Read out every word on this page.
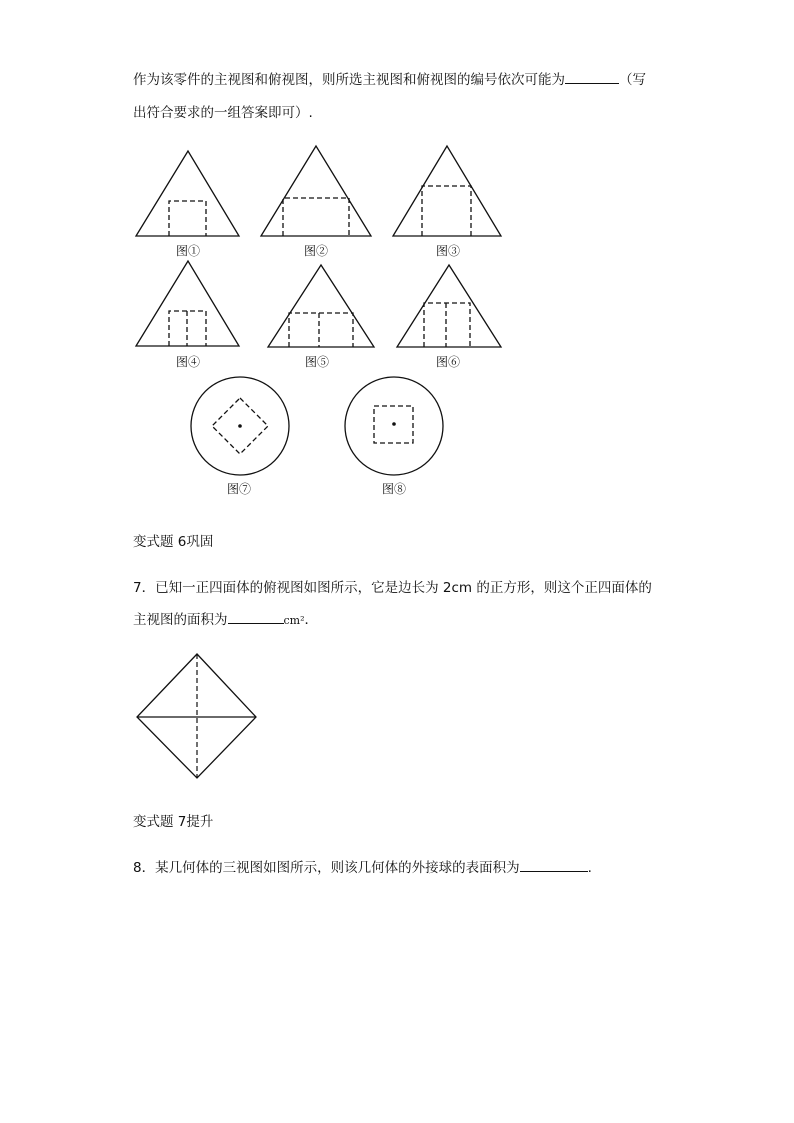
作为该零件的主视图和俯视图，则所选主视图和俯视图的编号依次可能为	（写
出符合要求的一组答案即可）.
图①	图②	图③
图④	图⑤	图⑥
图⑦	图⑧
变式题 6巩固
7．已知一正四面体的俯视图如图所示，它是边长为 2cm 的正方形，则这个正四面体的
主视图的面积为	cm²．
变式题 7提升
8．某几何体的三视图如图所示，则该几何体的外接球的表面积为	.
